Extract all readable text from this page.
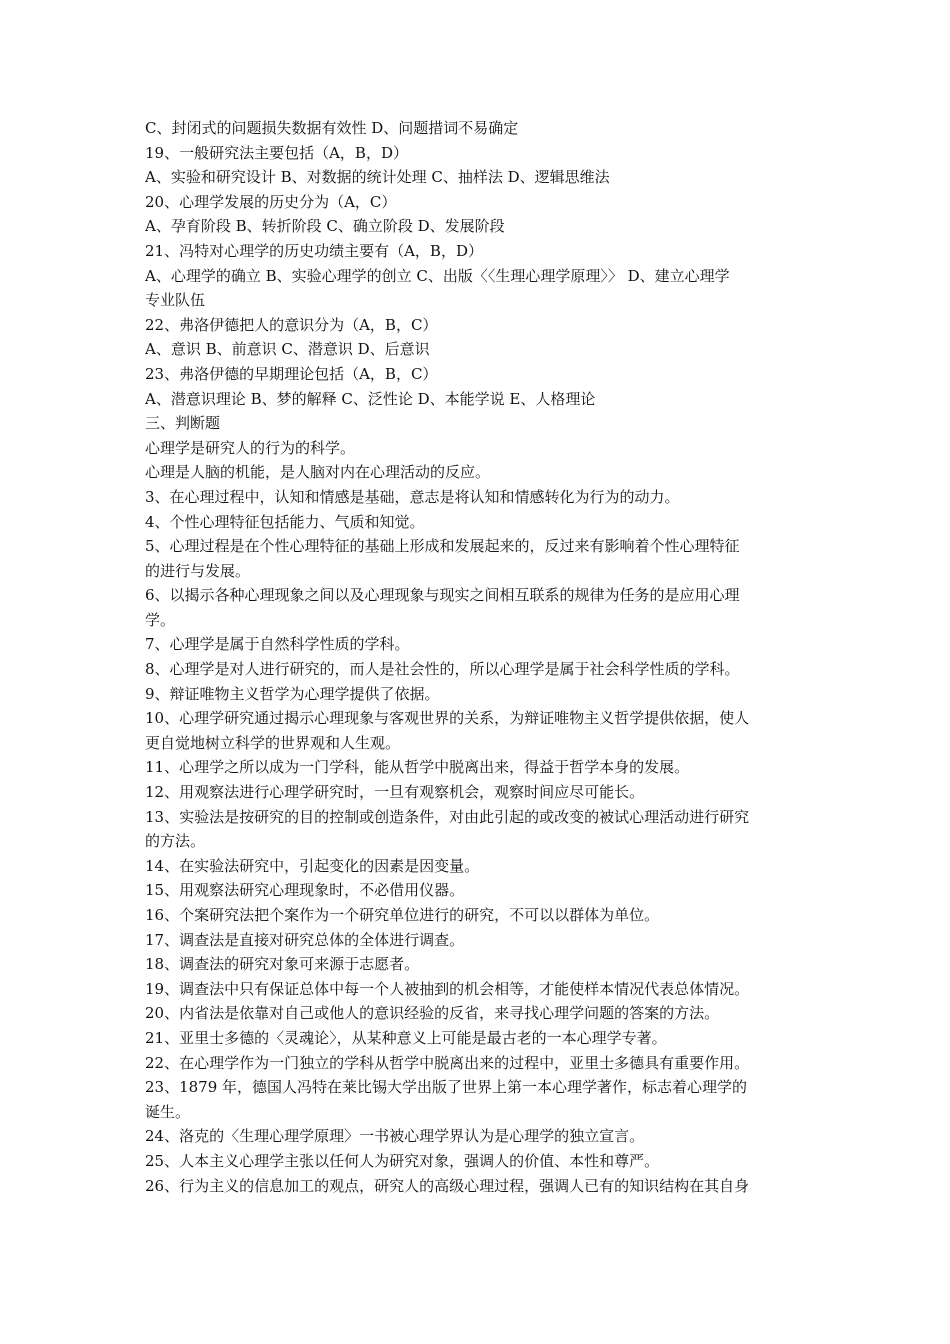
C、封闭式的问题损失数据有效性 D、问题措词不易确定
19、一般研究法主要包括（A，B，D）
A、实验和研究设计 B、对数据的统计处理 C、抽样法 D、逻辑思维法
20、心理学发展的历史分为（A，C）
A、孕育阶段 B、转折阶段 C、确立阶段 D、发展阶段
21、冯特对心理学的历史功绩主要有（A，B，D）
A、心理学的确立 B、实验心理学的创立 C、出版〈〈生理心理学原理〉〉 D、建立心理学
专业队伍
22、弗洛伊德把人的意识分为（A，B，C）
A、意识 B、前意识 C、潜意识 D、后意识
23、弗洛伊德的早期理论包括（A，B，C）
A、潜意识理论 B、梦的解释 C、泛性论 D、本能学说 E、人格理论
三、判断题
心理学是研究人的行为的科学。
心理是人脑的机能，是人脑对内在心理活动的反应。
3、在心理过程中，认知和情感是基础，意志是将认知和情感转化为行为的动力。
4、个性心理特征包括能力、气质和知觉。
5、心理过程是在个性心理特征的基础上形成和发展起来的，反过来有影响着个性心理特征
的进行与发展。
6、以揭示各种心理现象之间以及心理现象与现实之间相互联系的规律为任务的是应用心理
学。
7、心理学是属于自然科学性质的学科。
8、心理学是对人进行研究的，而人是社会性的，所以心理学是属于社会科学性质的学科。
9、辩证唯物主义哲学为心理学提供了依据。
10、心理学研究通过揭示心理现象与客观世界的关系，为辩证唯物主义哲学提供依据，使人
更自觉地树立科学的世界观和人生观。
11、心理学之所以成为一门学科，能从哲学中脱离出来，得益于哲学本身的发展。
12、用观察法进行心理学研究时，一旦有观察机会，观察时间应尽可能长。
13、实验法是按研究的目的控制或创造条件，对由此引起的或改变的被试心理活动进行研究
的方法。
14、在实验法研究中，引起变化的因素是因变量。
15、用观察法研究心理现象时，不必借用仪器。
16、个案研究法把个案作为一个研究单位进行的研究，不可以以群体为单位。
17、调查法是直接对研究总体的全体进行调查。
18、调查法的研究对象可来源于志愿者。
19、调查法中只有保证总体中每一个人被抽到的机会相等，才能使样本情况代表总体情况。
20、内省法是依靠对自己或他人的意识经验的反省，来寻找心理学问题的答案的方法。
21、亚里士多德的〈灵魂论〉，从某种意义上可能是最古老的一本心理学专著。
22、在心理学作为一门独立的学科从哲学中脱离出来的过程中，亚里士多德具有重要作用。
23、1879 年，德国人冯特在莱比锡大学出版了世界上第一本心理学著作，标志着心理学的
诞生。
24、洛克的〈生理心理学原理〉一书被心理学界认为是心理学的独立宣言。
25、人本主义心理学主张以任何人为研究对象，强调人的价值、本性和尊严。
26、行为主义的信息加工的观点，研究人的高级心理过程，强调人已有的知识结构在其自身
